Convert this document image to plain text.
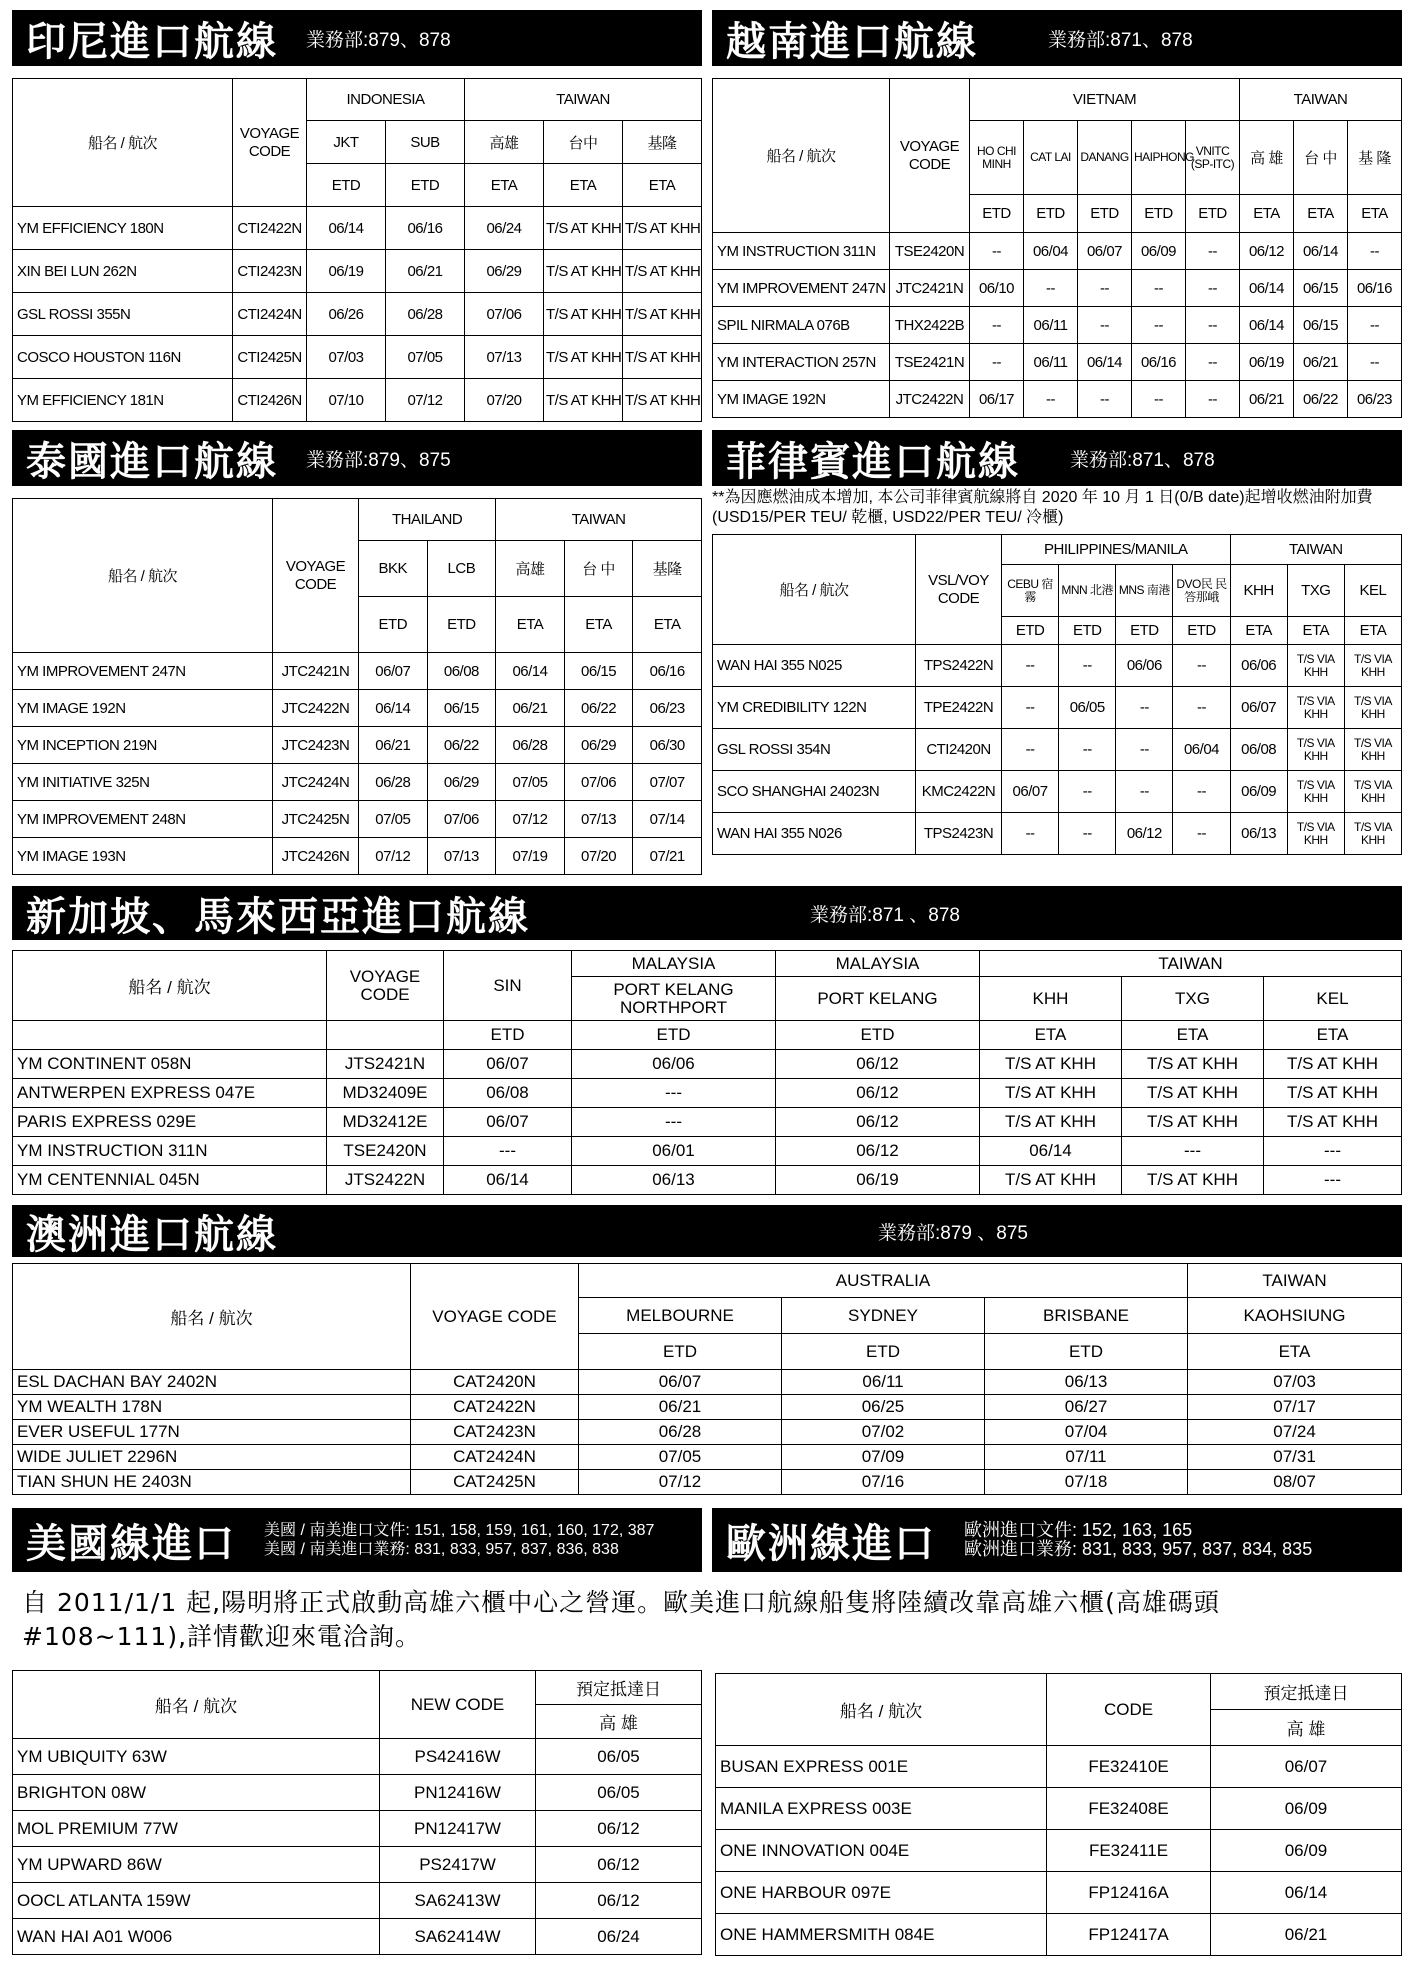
印尼進口航線 業務部:879、878
船名 / 航次	VOYAGE CODE	INDONESIA		TAIWAN		
		JKT	SUB	高雄	台中	基隆
		ETD	ETD	ETA	ETA	ETA
YM EFFICIENCY 180N	CTI2422N	06/14	06/16	06/24	T/S AT KHH	T/S AT KHH
XIN BEI LUN 262N	CTI2423N	06/19	06/21	06/29	T/S AT KHH	T/S AT KHH
GSL ROSSI 355N	CTI2424N	06/26	06/28	07/06	T/S AT KHH	T/S AT KHH
COSCO HOUSTON 116N	CTI2425N	07/03	07/05	07/13	T/S AT KHH	T/S AT KHH
YM EFFICIENCY 181N	CTI2426N	07/10	07/12	07/20	T/S AT KHH	T/S AT KHH
越南進口航線	業務部:871、878
船名 / 航次	VOYAGE CODE	VIETNAM					TAIWAN		
		HO CHI MINH	CAT LAI	DANANG	HAIPHONG	VNITC (SP-ITC)	高 雄	台 中	基 隆
		ETD	ETD	ETD	ETD	ETD	ETA	ETA	ETA
YM INSTRUCTION 311N	TSE2420N	--	06/04	06/07	06/09	--	06/12	06/14	--
YM IMPROVEMENT 247N	JTC2421N	06/10	--	--	--	--	06/14	06/15	06/16
SPIL NIRMALA 076B	THX2422B	--	06/11	--	--	--	06/14	06/15	--
YM INTERACTION 257N	TSE2421N	--	06/11	06/14	06/16	--	06/19	06/21	--
YM IMAGE 192N	JTC2422N	06/17	--	--	--	--	06/21	06/22	06/23
泰國進口航線 業務部:879、875
船名 / 航次	VOYAGE CODE	THAILAND		TAIWAN		
		BKK	LCB	高雄	台 中	基隆
		ETD	ETD	ETA	ETA	ETA
YM IMPROVEMENT 247N	JTC2421N	06/07	06/08	06/14	06/15	06/16
YM IMAGE 192N	JTC2422N	06/14	06/15	06/21	06/22	06/23
YM INCEPTION 219N	JTC2423N	06/21	06/22	06/28	06/29	06/30
YM INITIATIVE 325N	JTC2424N	06/28	06/29	07/05	07/06	07/07
YM IMPROVEMENT 248N	JTC2425N	07/05	07/06	07/12	07/13	07/14
YM IMAGE 193N	JTC2426N	07/12	07/13	07/19	07/20	07/21
菲律賓進口航線	業務部:871、878
**為因應燃油成本增加, 本公司菲律賓航線將自 2020 年 10 月 1 日(0/B date)起增收燃油附加費(USD15/PER TEU/ 乾櫃, USD22/PER TEU/ 冷櫃)
船名 / 航次	VSL/VOY CODE	PHILIPPINES/MANILA				TAIWAN		
		CEBU 宿霧	MNN 北港	MNS 南港	DVO民 民答那峨	KHH	TXG	KEL
		ETD	ETD	ETD	ETD	ETA	ETA	ETA
WAN HAI 355 N025	TPS2422N	--	--	06/06	--	06/06	T/S VIA KHH	T/S VIA KHH
YM CREDIBILITY 122N	TPE2422N	--	06/05	--	--	06/07	T/S VIA KHH	T/S VIA KHH
GSL ROSSI 354N	CTI2420N	--	--	--	06/04	06/08	T/S VIA KHH	T/S VIA KHH
SCO SHANGHAI 24023N	KMC2422N	06/07	--	--	--	06/09	T/S VIA KHH	T/S VIA KHH
WAN HAI 355 N026	TPS2423N	--	--	06/12	--	06/13	T/S VIA KHH	T/S VIA KHH
新加坡、馬來西亞進口航線	業務部:871 、878
船名 / 航次	VOYAGE CODE	SIN	MALAYSIA	MALAYSIA	TAIWAN		
			PORT KELANG NORTHPORT	PORT KELANG	KHH	TXG	KEL
		ETD	ETD	ETD	ETA	ETA	ETA
YM CONTINENT 058N	JTS2421N	06/07	06/06	06/12	T/S AT KHH	T/S AT KHH	T/S AT KHH
ANTWERPEN EXPRESS 047E	MD32409E	06/08	---	06/12	T/S AT KHH	T/S AT KHH	T/S AT KHH
PARIS EXPRESS 029E	MD32412E	06/07	---	06/12	T/S AT KHH	T/S AT KHH	T/S AT KHH
YM INSTRUCTION 311N	TSE2420N	---	06/01	06/12	06/14	---	---
YM CENTENNIAL 045N	JTS2422N	06/14	06/13	06/19	T/S AT KHH	T/S AT KHH	---
澳洲進口航線	業務部:879 、875
船名 / 航次	VOYAGE CODE	AUSTRALIA			TAIWAN
		MELBOURNE	SYDNEY	BRISBANE	KAOHSIUNG
		ETD	ETD	ETD	ETA
ESL DACHAN BAY 2402N	CAT2420N	06/07	06/11	06/13	07/03
YM WEALTH 178N	CAT2422N	06/21	06/25	06/27	07/17
EVER USEFUL 177N	CAT2423N	06/28	07/02	07/04	07/24
WIDE JULIET 2296N	CAT2424N	07/05	07/09	07/11	07/31
TIAN SHUN HE 2403N	CAT2425N	07/12	07/16	07/18	08/07
美國線進口 美國 / 南美進口文件: 151, 158, 159, 161, 160, 172, 387
美國 / 南美進口業務: 831, 833, 957, 837, 836, 838	歐洲線進口 歐洲進口文件: 152, 163, 165
歐洲進口業務: 831, 833, 957, 837, 834, 835
自 2011/1/1 起,陽明將正式啟動高雄六櫃中心之營運。歐美進口航線船隻將陸續改靠高雄六櫃(高雄碼頭 #108~111),詳情歡迎來電洽詢。
船名 / 航次	NEW CODE	預定抵達日
		高 雄
YM UBIQUITY 63W	PS42416W	06/05
BRIGHTON 08W	PN12416W	06/05
MOL PREMIUM 77W	PN12417W	06/12
YM UPWARD 86W	PS2417W	06/12
OOCL ATLANTA 159W	SA62413W	06/12
WAN HAI A01 W006	SA62414W	06/24
船名 / 航次	CODE	預定抵達日
		高 雄
BUSAN EXPRESS 001E	FE32410E	06/07
MANILA EXPRESS 003E	FE32408E	06/09
ONE INNOVATION 004E	FE32411E	06/09
ONE HARBOUR 097E	FP12416A	06/14
ONE HAMMERSMITH 084E	FP12417A	06/21
